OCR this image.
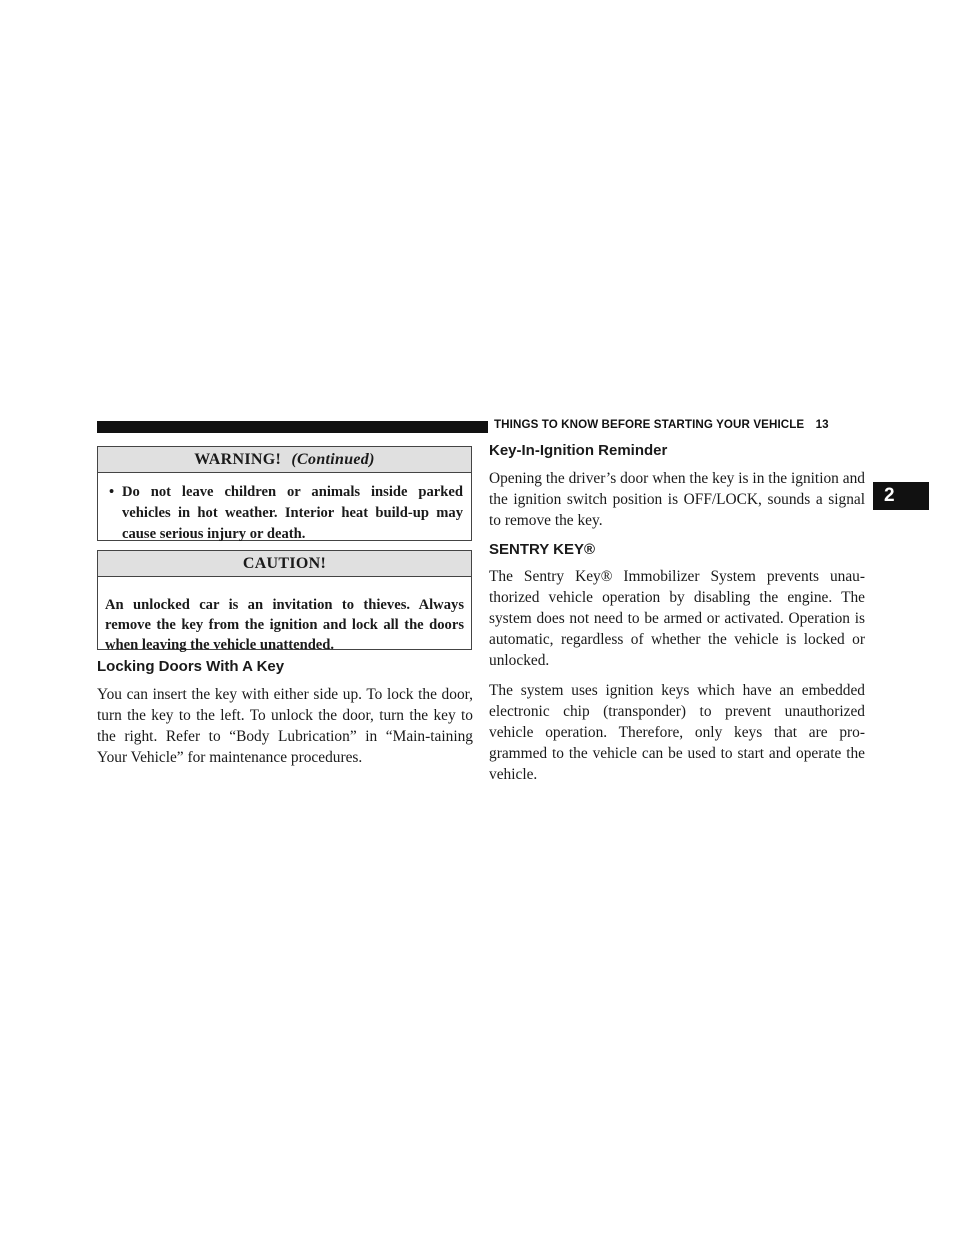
THINGS TO KNOW BEFORE STARTING YOUR VEHICLE 13
2
WARNING! (Continued)
• Do not leave children or animals inside parked vehicles in hot weather. Interior heat build-up may cause serious injury or death.
CAUTION!
An unlocked car is an invitation to thieves. Always remove the key from the ignition and lock all the doors when leaving the vehicle unattended.
Locking Doors With A Key

You can insert the key with either side up. To lock the door, turn the key to the left. To unlock the door, turn the key to the right. Refer to “Body Lubrication” in “Main-taining Your Vehicle” for maintenance procedures.

Key-In-Ignition Reminder

Opening the driver’s door when the key is in the ignition and the ignition switch position is OFF/LOCK, sounds a signal to remove the key.

SENTRY KEY®

The Sentry Key® Immobilizer System prevents unau-thorized vehicle operation by disabling the engine. The system does not need to be armed or activated. Operation is automatic, regardless of whether the vehicle is locked or unlocked.

The system uses ignition keys which have an embedded electronic chip (transponder) to prevent unauthorized vehicle operation. Therefore, only keys that are pro-grammed to the vehicle can be used to start and operate the vehicle.
